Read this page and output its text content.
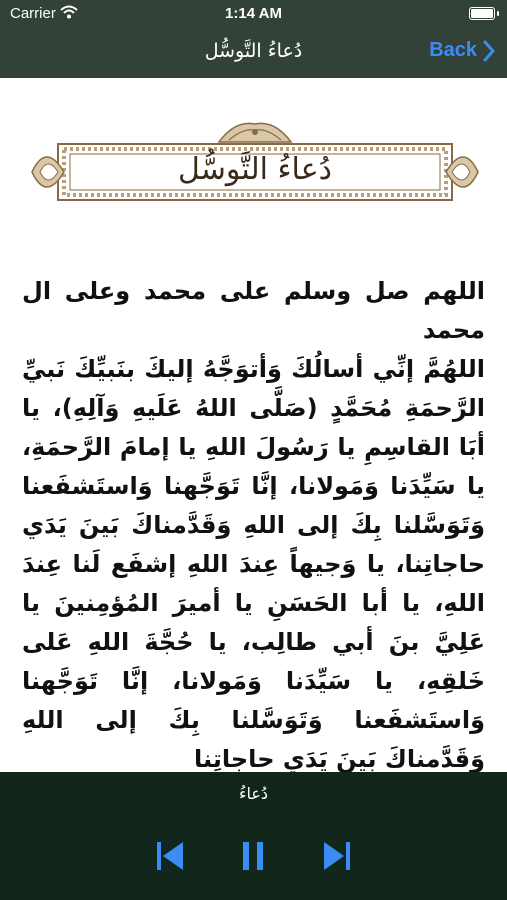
Carrier	1:14 AM
دُعاءُ التَّوسُّل	Back
دُعاءُ التَّوسُّل

اللهم صل وسلم على محمد وعلى ال محمد

اللهُمَّ إنِّي أسالُكَ وَأتوَجَّهُ إليكَ بنَبيِّكَ نَبيِّ الرَّحمَةِ مُحَمَّدٍ (صَلَّى اللهُ عَلَيهِ وَآلِهِ)، يا أبَا القاسِمِ يا رَسُولَ اللهِ يا إمامَ الرَّحمَةِ، يا سَيِّدَنا وَمَولانا، إنَّا تَوَجَّهنا وَاستَشفَعنا وَتَوَسَّلنا بِكَ إلى اللهِ وَقَدَّمناكَ بَينَ يَدَي حاجاتِنا، يا وَجيهاً عِندَ اللهِ إشفَع لَنا عِندَ اللهِ، يا أبا الحَسَنِ يا أميرَ المُؤمِنينَ يا عَلِيَّ بنَ أبي طالِب، يا حُجَّةَ اللهِ عَلى خَلقِهِ، يا سَيِّدَنا وَمَولانا، إنَّا تَوَجَّهنا وَاستَشفَعنا وَتَوَسَّلنا بِكَ إلى اللهِ وَقَدَّمناكَ بَينَ يَدَي حاجاتِنا

دُعاءُ
